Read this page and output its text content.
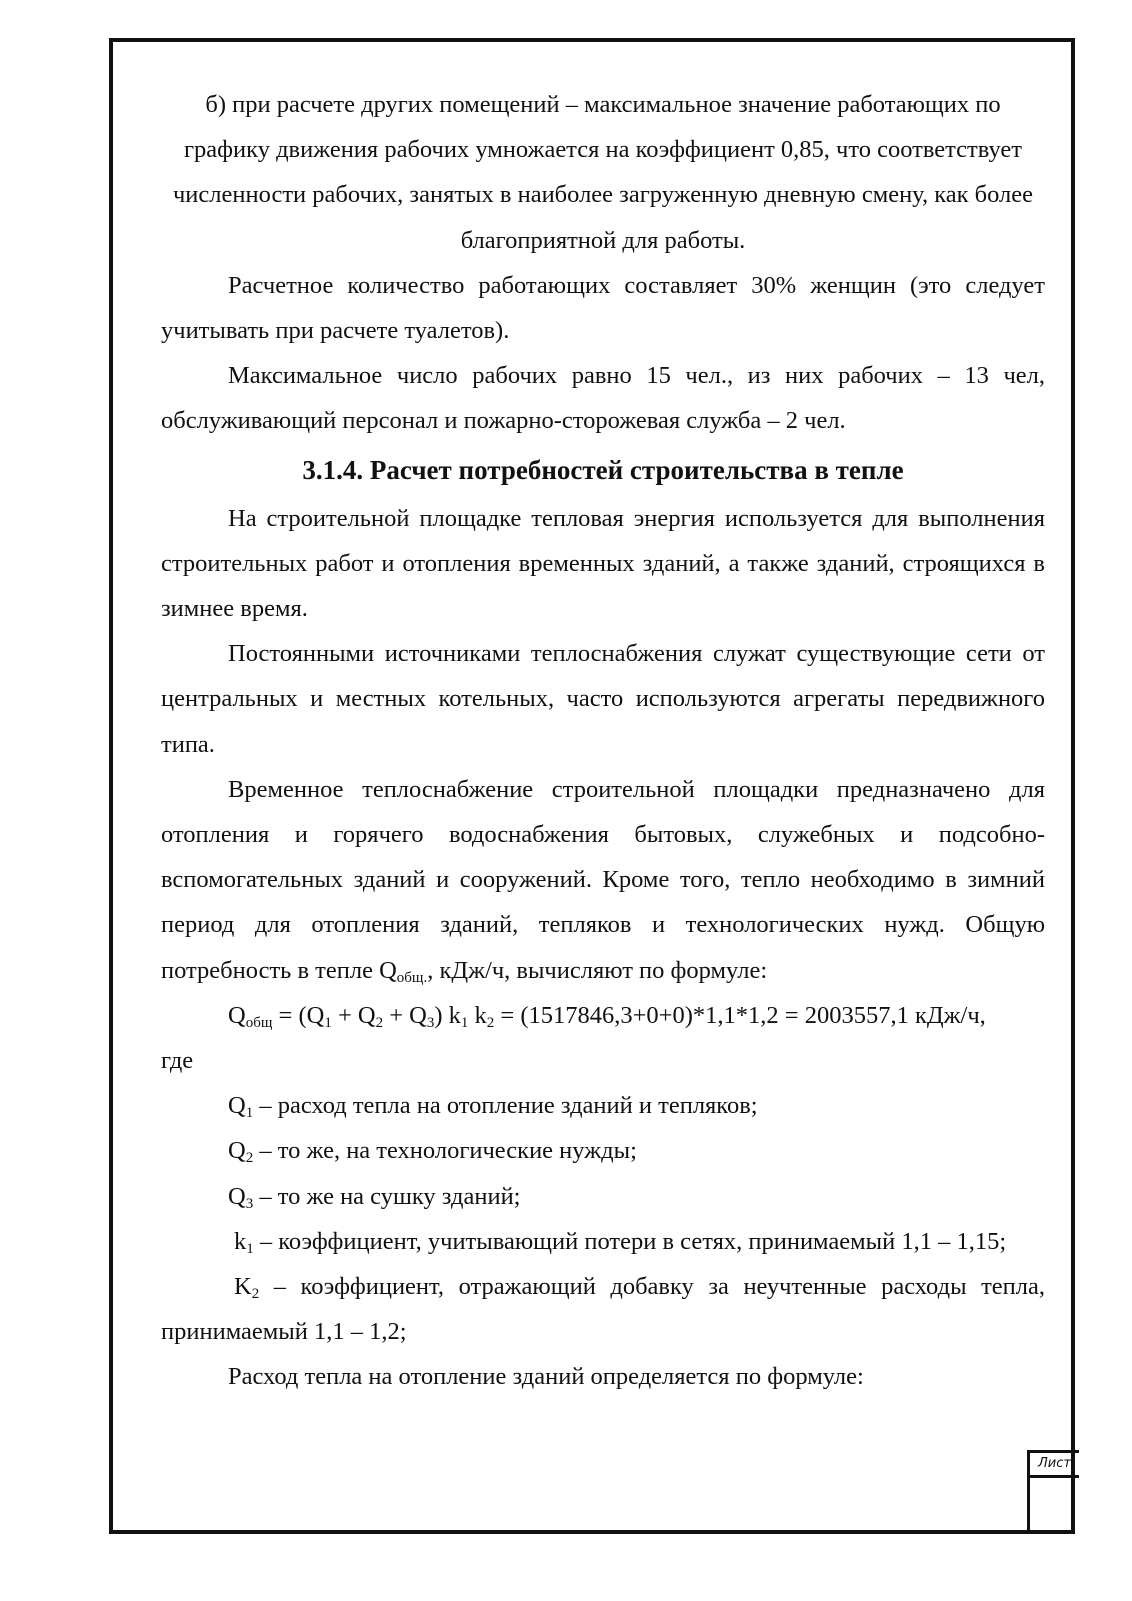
б) при расчете других помещений – максимальное значение работающих по графику движения рабочих умножается на коэффициент 0,85, что соответствует численности рабочих, занятых в наиболее загруженную дневную смену, как более благоприятной для работы.

Расчетное количество работающих составляет 30% женщин (это следует учитывать при расчете туалетов).

Максимальное число рабочих равно 15 чел., из них рабочих – 13 чел, обслуживающий персонал и пожарно-сторожевая служба – 2 чел.

3.1.4. Расчет потребностей строительства в тепле

На строительной площадке тепловая энергия используется для выполнения строительных работ и отопления временных зданий, а также зданий, строящихся в зимнее время.

Постоянными источниками теплоснабжения служат существующие сети от центральных и местных котельных, часто используются агрегаты передвижного типа.

Временное теплоснабжение строительной площадки предназначено для отопления и горячего водоснабжения бытовых, служебных и подсобно-вспомогательных зданий и сооружений. Кроме того, тепло необходимо в зимний период для отопления зданий, тепляков и технологических нужд. Общую потребность в тепле $Q_{общ.}$, кДж/ч, вычисляют по формуле:

$Q_{общ} = (Q_1 + Q_2 + Q_3)$ $k_1$ $k_2 = (1517846,3+0+0)*1,1*1,2 = 2003557,1$ кДж/ч,

где

$Q_1$ – расход тепла на отопление зданий и тепляков;

$Q_2$ – то же, на технологические нужды;

$Q_3$ – то же на сушку зданий;

$k_1$ – коэффициент, учитывающий потери в сетях, принимаемый 1,1 – 1,15;

$K_2$ – коэффициент, отражающий добавку за неучтенные расходы тепла, принимаемый 1,1 – 1,2;

Расход тепла на отопление зданий определяется по формуле:

Лист
